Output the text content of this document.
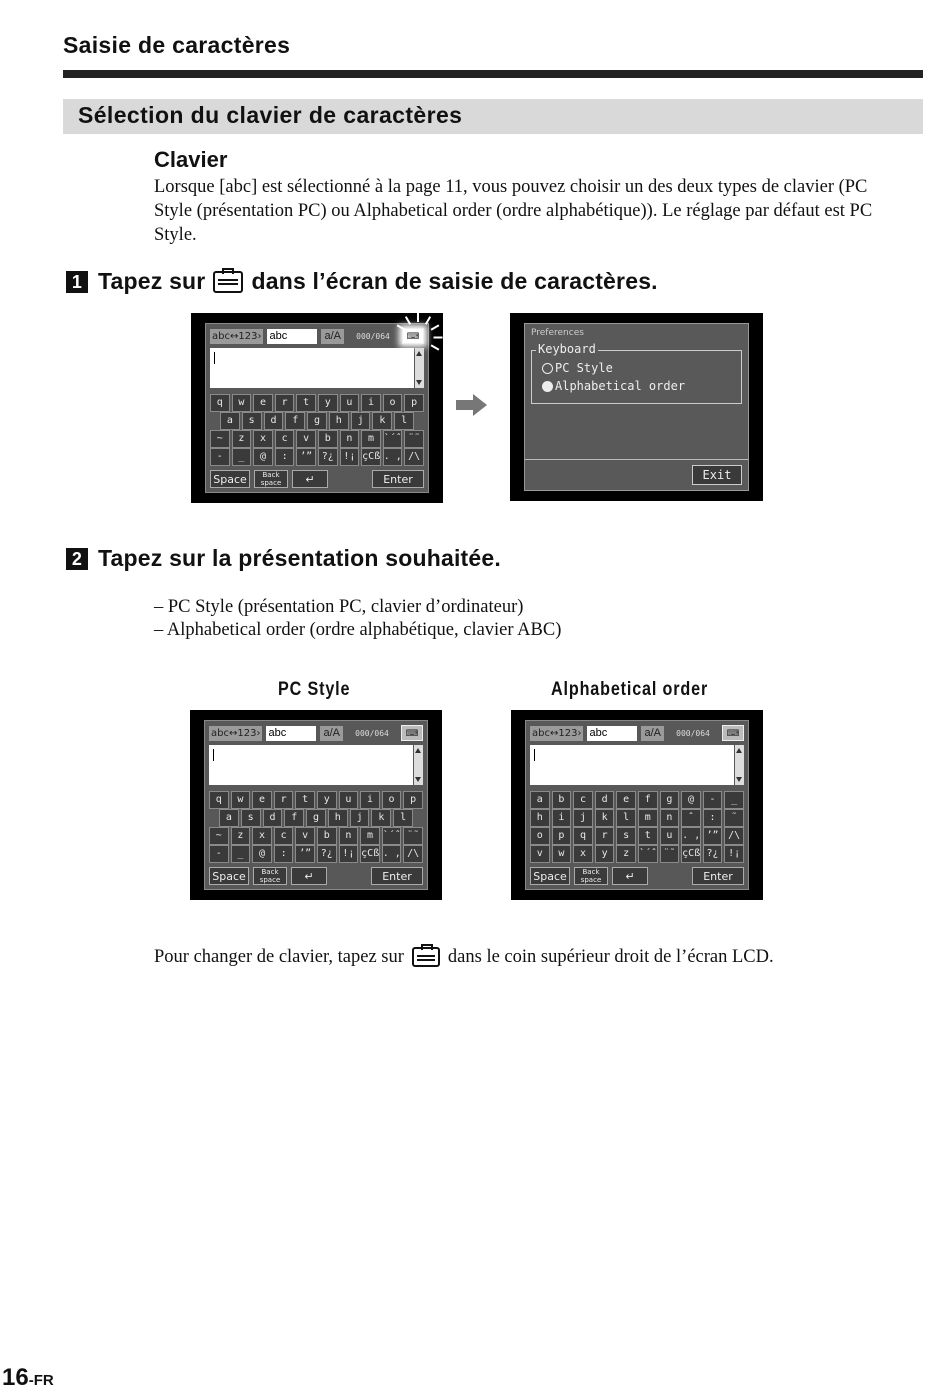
Saisie de caractères
Sélection du clavier de caractères
Clavier
Lorsque [abc] est sélectionné à la page 11, vous pouvez choisir un des deux types de clavier (PC Style (présentation PC) ou Alphabetical order (ordre alphabétique)). Le réglage par défaut est PC Style.
1 Tapez sur dans l’écran de saisie de caractères.
abc↔123› abc	a/A	000/064	⌨
q	w	e	r	t	y	u	i	o	p
a	s	d	f	g	h	j	k	l
~	z	x	c	v	b	n	m `´ˆ ¨˜
-	_	@	:	’” ?¿ !¡ çCß . , /\
Space	Back space	↵	Enter
Preferences
Keyboard
PC Style
Alphabetical order
Exit
2 Tapez sur la présentation souhaitée.
– PC Style (présentation PC, clavier d’ordinateur)
– Alphabetical order (ordre alphabétique, clavier ABC)
PC Style	Alphabetical order
abc↔123› abc	a/A	000/064	⌨
q	w	e	r	t	y	u	i	o	p
a	s	d	f	g	h	j	k	l
~	z	x	c	v	b	n	m `´ˆ ¨˜
-	_	@	:	’” ?¿ !¡ çCß . , /\
Space	Back space	↵	Enter
abc↔123› abc	a/A	000/064	⌨
a	b	c	d	e	f	g	@	-	_
h	i	j	k	l	m	n	ˆ	:	˜
o	p	q	r	s	t	u . , ’” /\
v	w	x	y	z `´ˆ ¨˜ çCß ?¿ !¡
Space	Back space	↵	Enter
Pour changer de clavier, tapez sur dans le coin supérieur droit de l’écran LCD.
16-FR
